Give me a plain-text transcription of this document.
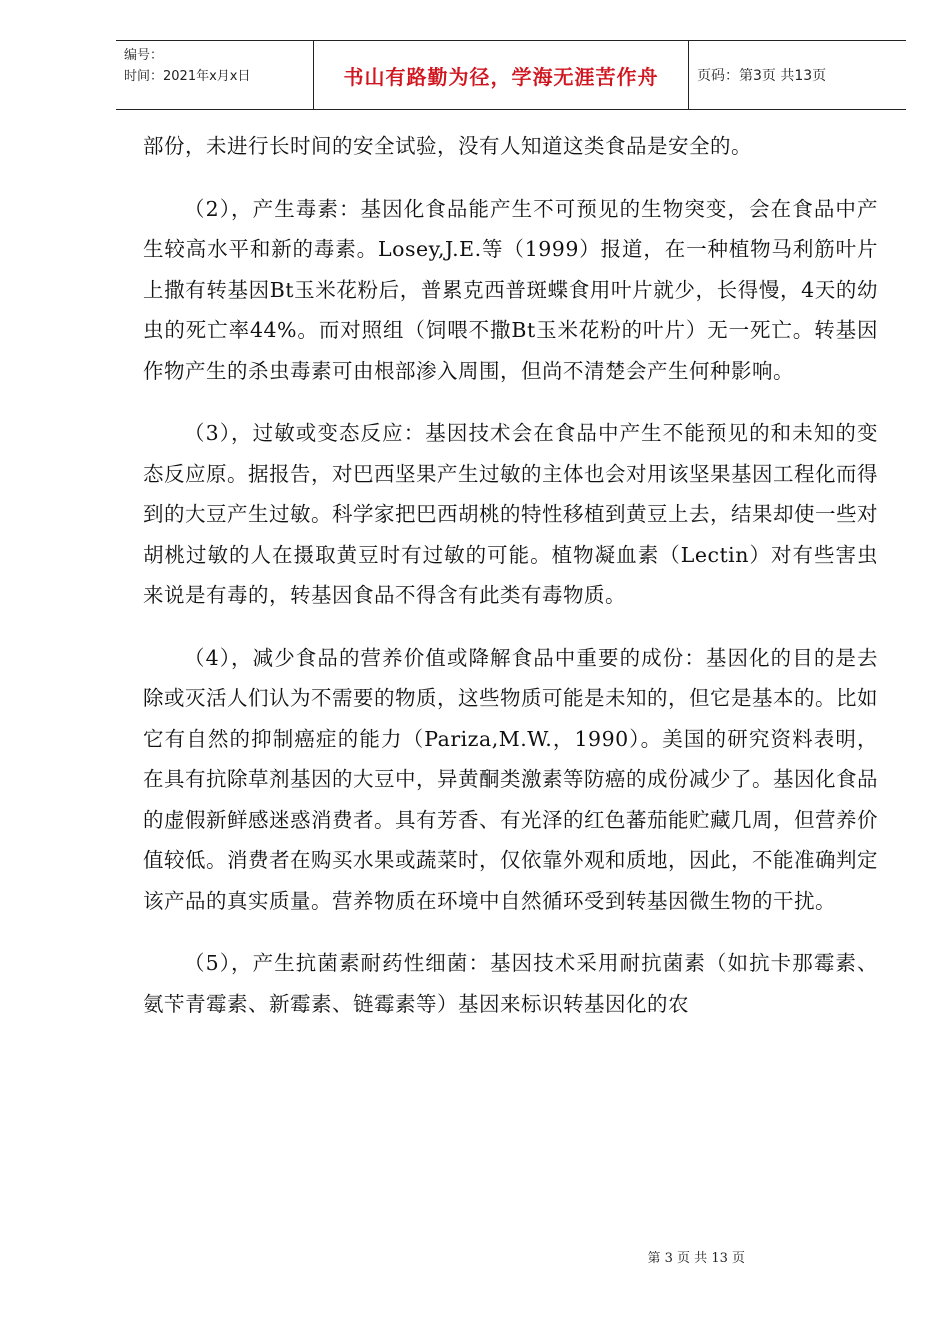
编号：
时间：2021年x月x日	书山有路勤为径，学海无涯苦作舟	页码：第3页 共13页

部份，未进行长时间的安全试验，没有人知道这类食品是安全的。

（2），产生毒素：基因化食品能产生不可预见的生物突变，会在食品中产生较高水平和新的毒素。Losey,J.E.等（1999）报道，在一种植物马利筋叶片上撒有转基因Bt玉米花粉后，普累克西普斑蝶食用叶片就少，长得慢，4天的幼虫的死亡率44%。而对照组（饲喂不撒Bt玉米花粉的叶片）无一死亡。转基因作物产生的杀虫毒素可由根部渗入周围，但尚不清楚会产生何种影响。

（3），过敏或变态反应：基因技术会在食品中产生不能预见的和未知的变态反应原。据报告，对巴西坚果产生过敏的主体也会对用该坚果基因工程化而得到的大豆产生过敏。科学家把巴西胡桃的特性移植到黄豆上去，结果却使一些对胡桃过敏的人在摄取黄豆时有过敏的可能。植物凝血素（Lectin）对有些害虫来说是有毒的，转基因食品不得含有此类有毒物质。

（4），减少食品的营养价值或降解食品中重要的成份：基因化的目的是去除或灭活人们认为不需要的物质，这些物质可能是未知的，但它是基本的。比如它有自然的抑制癌症的能力（Pariza,M.W.，1990）。美国的研究资料表明，在具有抗除草剂基因的大豆中，异黄酮类激素等防癌的成份减少了。基因化食品的虚假新鲜感迷惑消费者。具有芳香、有光泽的红色蕃茄能贮藏几周，但营养价值较低。消费者在购买水果或蔬菜时，仅依靠外观和质地，因此，不能准确判定该产品的真实质量。营养物质在环境中自然循环受到转基因微生物的干扰。

（5），产生抗菌素耐药性细菌：基因技术采用耐抗菌素（如抗卡那霉素、氨苄青霉素、新霉素、链霉素等）基因来标识转基因化的农

第 3 页 共 13 页
